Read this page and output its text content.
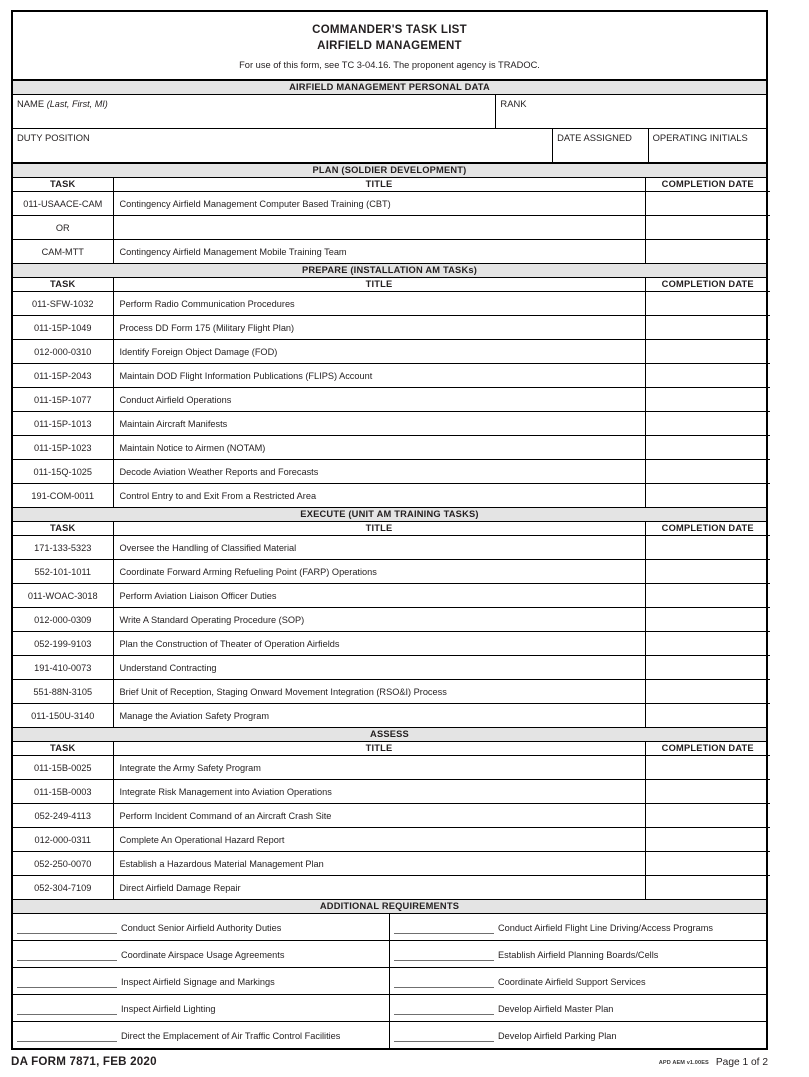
COMMANDER'S TASK LIST
AIRFIELD MANAGEMENT
For use of this form, see TC 3-04.16. The proponent agency is TRADOC.
AIRFIELD MANAGEMENT PERSONAL DATA
NAME (Last, First, MI)	RANK
DUTY POSITION	DATE ASSIGNED	OPERATING INITIALS
PLAN (SOLDIER DEVELOPMENT)
TASK	TITLE	COMPLETION DATE
011-USAACE-CAM	Contingency Airfield Management Computer Based Training (CBT)	
OR		
CAM-MTT	Contingency Airfield Management Mobile Training Team	
PREPARE (INSTALLATION AM TASKs)
TASK	TITLE	COMPLETION DATE
011-SFW-1032	Perform Radio Communication Procedures	
011-15P-1049	Process DD Form 175 (Military Flight Plan)	
012-000-0310	Identify Foreign Object Damage (FOD)	
011-15P-2043	Maintain DOD Flight Information Publications (FLIPS) Account	
011-15P-1077	Conduct Airfield Operations	
011-15P-1013	Maintain Aircraft Manifests	
011-15P-1023	Maintain Notice to Airmen (NOTAM)	
011-15Q-1025	Decode Aviation Weather Reports and Forecasts	
191-COM-0011	Control Entry to and Exit From a Restricted Area	
EXECUTE (UNIT AM TRAINING TASKS)
TASK	TITLE	COMPLETION DATE
171-133-5323	Oversee the Handling of Classified Material	
552-101-1011	Coordinate Forward Arming Refueling Point (FARP) Operations	
011-WOAC-3018	Perform Aviation Liaison Officer Duties	
012-000-0309	Write A Standard Operating Procedure (SOP)	
052-199-9103	Plan the Construction of Theater of Operation Airfields	
191-410-0073	Understand Contracting	
551-88N-3105	Brief Unit of Reception, Staging Onward Movement Integration (RSO&I) Process	
011-150U-3140	Manage the Aviation Safety Program	
ASSESS
TASK	TITLE	COMPLETION DATE
011-15B-0025	Integrate the Army Safety Program	
011-15B-0003	Integrate Risk Management into Aviation Operations	
052-249-4113	Perform Incident Command of an Aircraft Crash Site	
012-000-0311	Complete An Operational Hazard Report	
052-250-0070	Establish a Hazardous Material Management Plan	
052-304-7109	Direct Airfield Damage Repair	
ADDITIONAL REQUIREMENTS
Conduct Senior Airfield Authority Duties	Conduct Airfield Flight Line Driving/Access Programs

Coordinate Airspace Usage Agreements	Establish Airfield Planning Boards/Cells

Inspect Airfield Signage and Markings	Coordinate Airfield Support Services

Inspect Airfield Lighting	Develop Airfield Master Plan

Direct the Emplacement of Air Traffic Control Facilities	Develop Airfield Parking Plan
DA FORM 7871, FEB 2020	APD AEM v1.00ES Page 1 of 2
